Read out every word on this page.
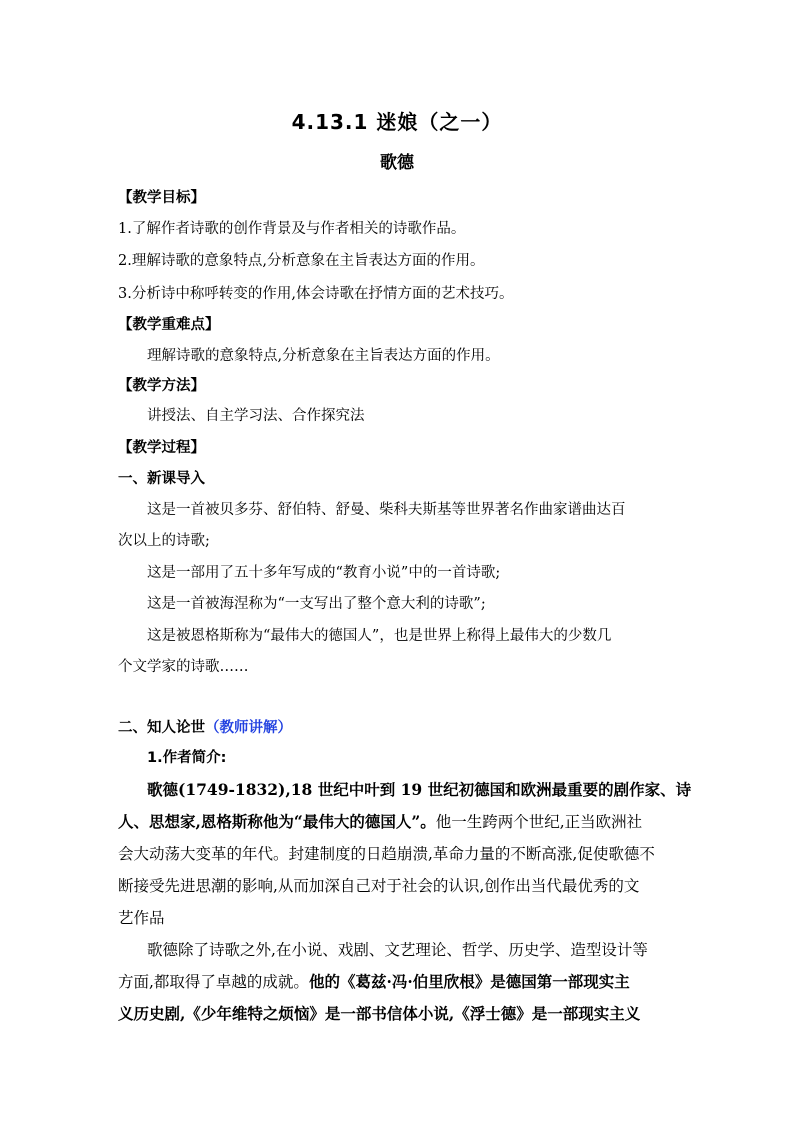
4.13.1 迷娘（之一）
歌德
【教学目标】
1.了解作者诗歌的创作背景及与作者相关的诗歌作品。
2.理解诗歌的意象特点,分析意象在主旨表达方面的作用。
3.分析诗中称呼转变的作用,体会诗歌在抒情方面的艺术技巧。
【教学重难点】
理解诗歌的意象特点,分析意象在主旨表达方面的作用。
【教学方法】
讲授法、自主学习法、合作探究法
【教学过程】
一、新课导入
这是一首被贝多芬、舒伯特、舒曼、柴科夫斯基等世界著名作曲家谱曲达百
次以上的诗歌;
这是一部用了五十多年写成的“教育小说”中的一首诗歌;
这是一首被海涅称为“一支写出了整个意大利的诗歌”;
这是被恩格斯称为“最伟大的德国人”，也是世界上称得上最伟大的少数几
个文学家的诗歌……
二、知人论世（教师讲解）
1.作者简介:
歌德(1749-1832),18 世纪中叶到 19 世纪初德国和欧洲最重要的剧作家、诗
人、思想家,恩格斯称他为“最伟大的德国人”。他一生跨两个世纪,正当欧洲社
会大动荡大变革的年代。封建制度的日趋崩溃,革命力量的不断高涨,促使歌德不
断接受先进思潮的影响,从而加深自己对于社会的认识,创作出当代最优秀的文
艺作品
歌德除了诗歌之外,在小说、戏剧、文艺理论、哲学、历史学、造型设计等
方面,都取得了卓越的成就。他的《葛兹·冯·伯里欣根》是德国第一部现实主
义历史剧,《少年维特之烦恼》是一部书信体小说,《浮士德》是一部现实主义
